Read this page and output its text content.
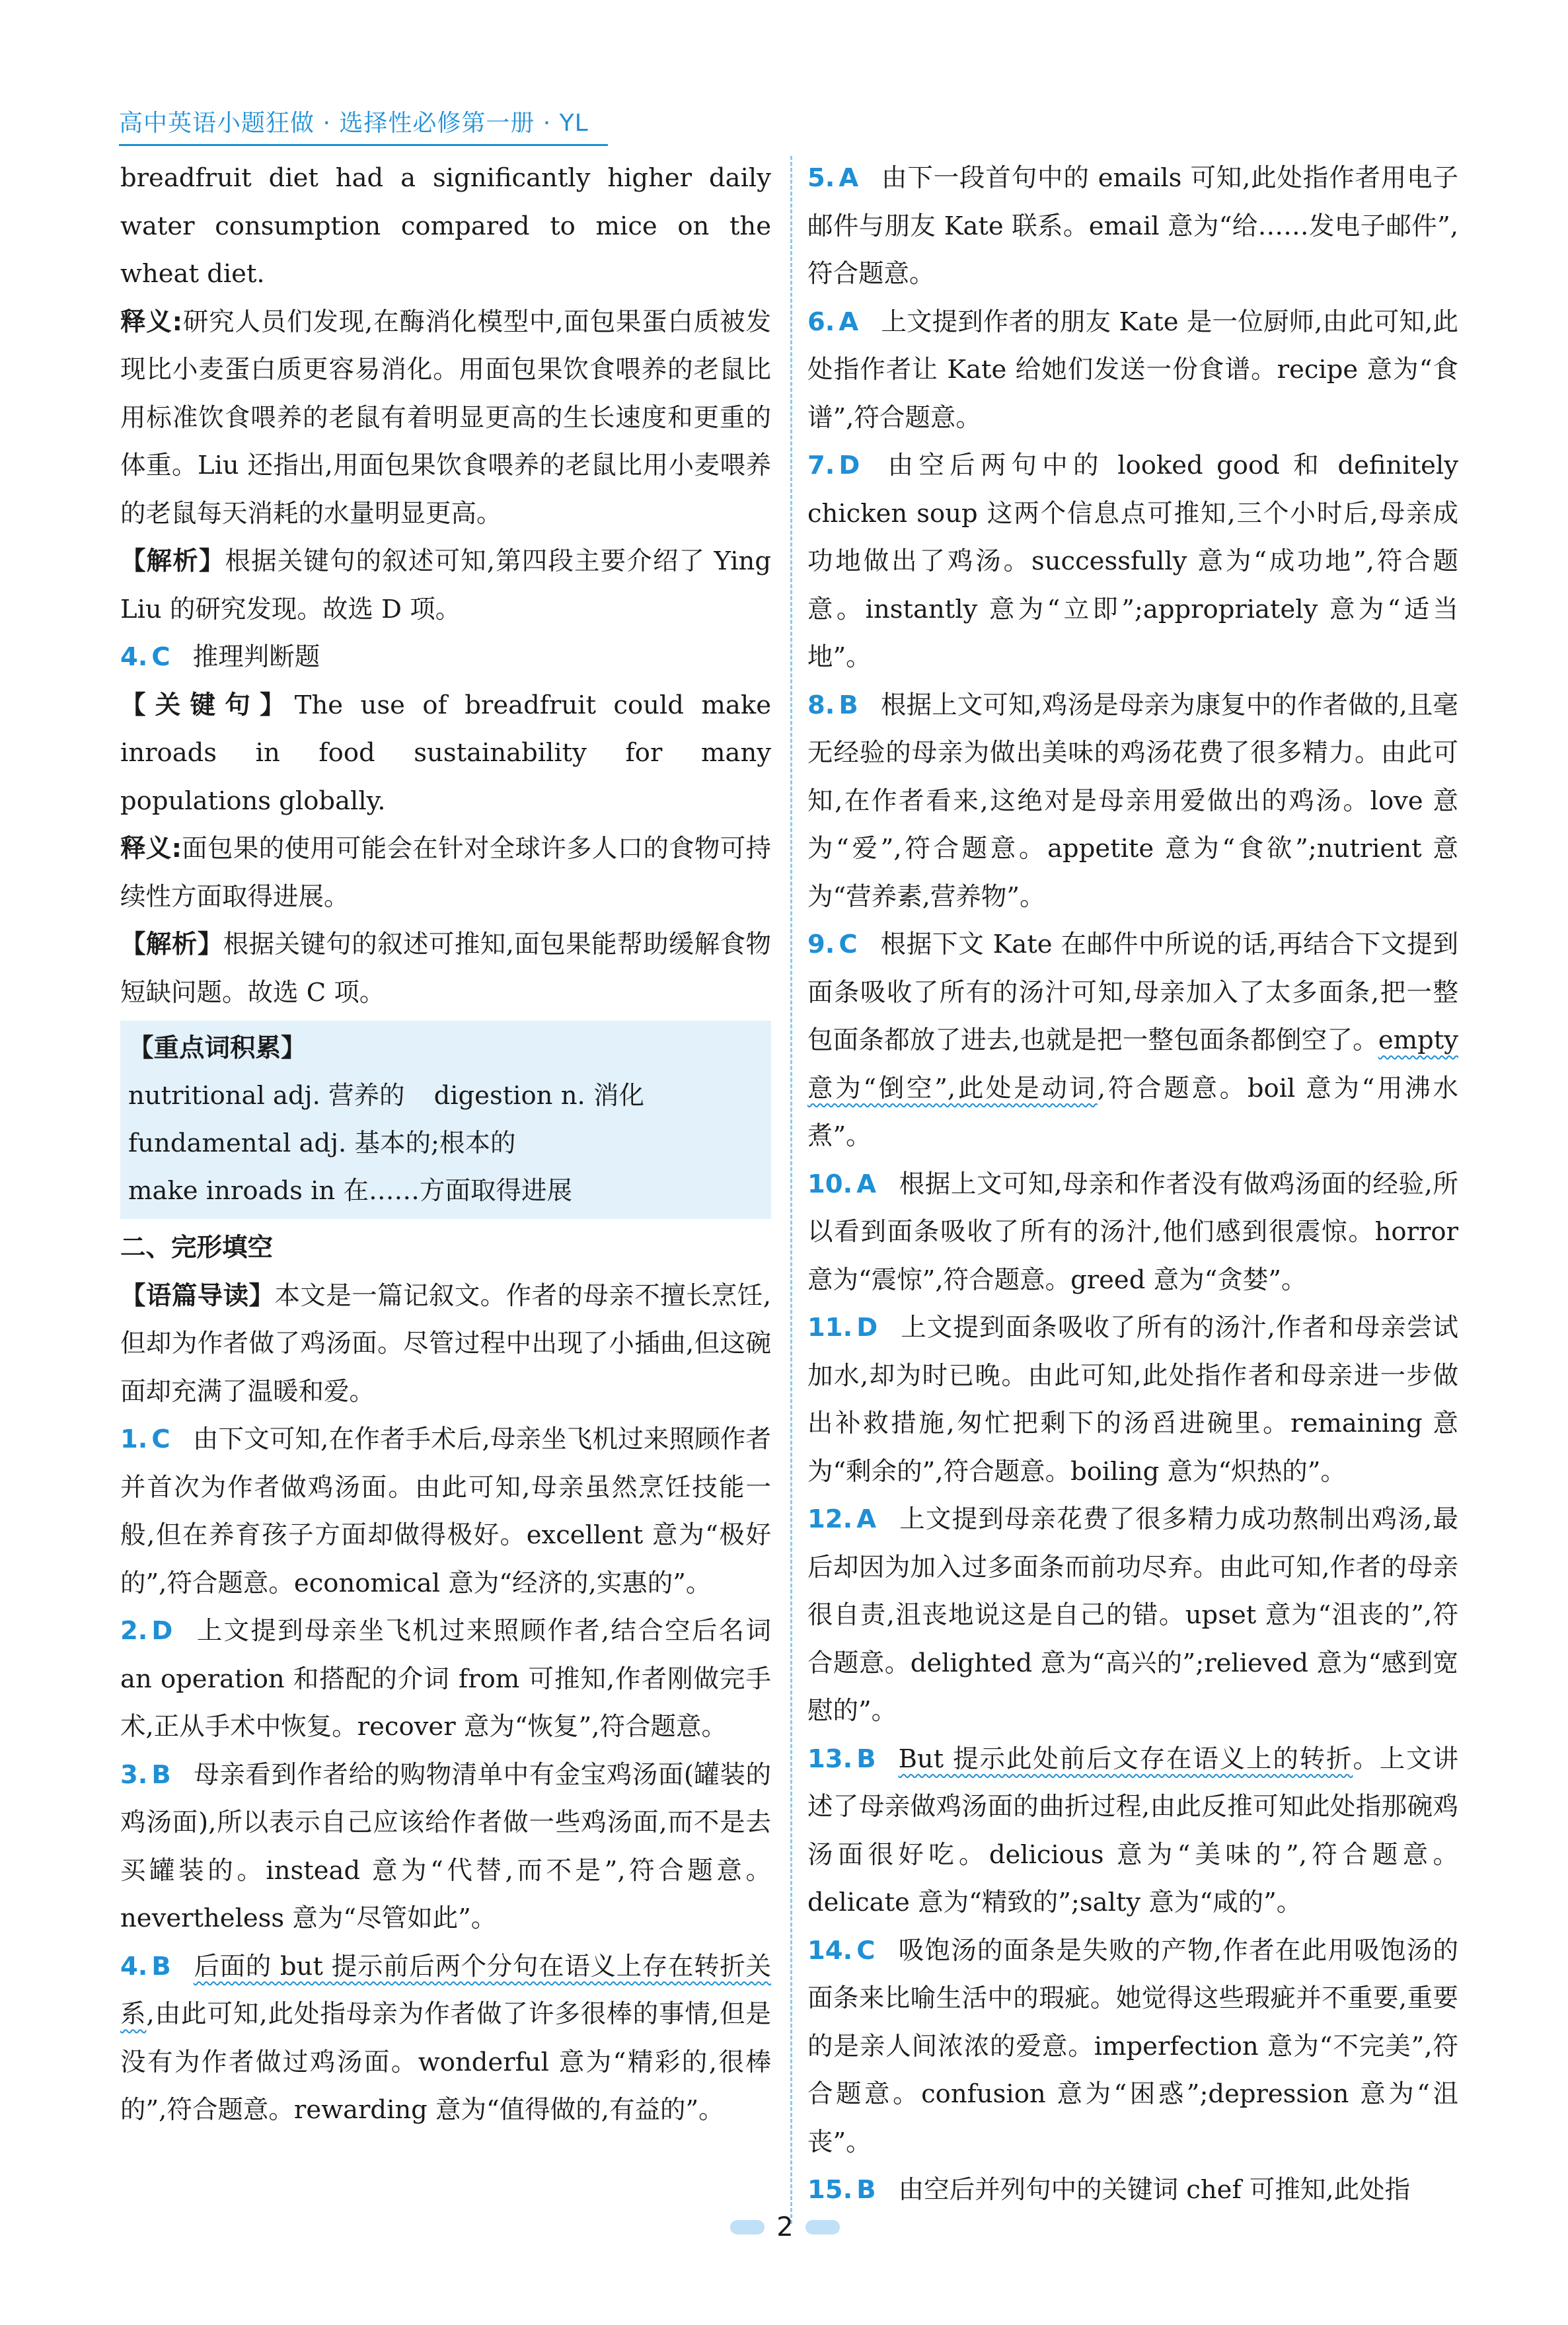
高中英语小题狂做 · 选择性必修第一册 · YL

breadfruit diet had a significantly higher daily water consumption compared to mice on the wheat diet.

释义:研究人员们发现,在酶消化模型中,面包果蛋白质被发现比小麦蛋白质更容易消化。用面包果饮食喂养的老鼠比用标准饮食喂养的老鼠有着明显更高的生长速度和更重的体重。Liu 还指出,用面包果饮食喂养的老鼠比用小麦喂养的老鼠每天消耗的水量明显更高。

【解析】根据关键句的叙述可知,第四段主要介绍了 Ying Liu 的研究发现。故选 D 项。

4. C 推理判断题

【关键句】The use of breadfruit could make inroads in food sustainability for many populations globally.

释义:面包果的使用可能会在针对全球许多人口的食物可持续性方面取得进展。

【解析】根据关键句的叙述可推知,面包果能帮助缓解食物短缺问题。故选 C 项。

【重点词积累】
nutritional adj. 营养的 digestion n. 消化
fundamental adj. 基本的;根本的
make inroads in 在……方面取得进展

二、完形填空

【语篇导读】本文是一篇记叙文。作者的母亲不擅长烹饪,但却为作者做了鸡汤面。尽管过程中出现了小插曲,但这碗面却充满了温暖和爱。

1. C 由下文可知,在作者手术后,母亲坐飞机过来照顾作者并首次为作者做鸡汤面。由此可知,母亲虽然烹饪技能一般,但在养育孩子方面却做得极好。excellent 意为“极好的”,符合题意。economical 意为“经济的,实惠的”。

2. D 上文提到母亲坐飞机过来照顾作者,结合空后名词 an operation 和搭配的介词 from 可推知,作者刚做完手术,正从手术中恢复。recover 意为“恢复”,符合题意。

3. B 母亲看到作者给的购物清单中有金宝鸡汤面(罐装的鸡汤面),所以表示自己应该给作者做一些鸡汤面,而不是去买罐装的。instead 意为“代替,而不是”,符合题意。nevertheless 意为“尽管如此”。

4. B 后面的 but 提示前后两个分句在语义上存在转折关系,由此可知,此处指母亲为作者做了许多很棒的事情,但是没有为作者做过鸡汤面。wonderful 意为“精彩的,很棒的”,符合题意。rewarding 意为“值得做的,有益的”。

5. A 由下一段首句中的 emails 可知,此处指作者用电子邮件与朋友 Kate 联系。email 意为“给……发电子邮件”,符合题意。

6. A 上文提到作者的朋友 Kate 是一位厨师,由此可知,此处指作者让 Kate 给她们发送一份食谱。recipe 意为“食谱”,符合题意。

7. D 由空后两句中的 looked good 和 definitely chicken soup 这两个信息点可推知,三个小时后,母亲成功地做出了鸡汤。successfully 意为“成功地”,符合题意。instantly 意为“立即”;appropriately 意为“适当地”。

8. B 根据上文可知,鸡汤是母亲为康复中的作者做的,且毫无经验的母亲为做出美味的鸡汤花费了很多精力。由此可知,在作者看来,这绝对是母亲用爱做出的鸡汤。love 意为“爱”,符合题意。appetite 意为“食欲”;nutrient 意为“营养素,营养物”。

9. C 根据下文 Kate 在邮件中所说的话,再结合下文提到面条吸收了所有的汤汁可知,母亲加入了太多面条,把一整包面条都放了进去,也就是把一整包面条都倒空了。empty 意为“倒空”,此处是动词,符合题意。boil 意为“用沸水煮”。

10. A 根据上文可知,母亲和作者没有做鸡汤面的经验,所以看到面条吸收了所有的汤汁,他们感到很震惊。horror 意为“震惊”,符合题意。greed 意为“贪婪”。

11. D 上文提到面条吸收了所有的汤汁,作者和母亲尝试加水,却为时已晚。由此可知,此处指作者和母亲进一步做出补救措施,匆忙把剩下的汤舀进碗里。remaining 意为“剩余的”,符合题意。boiling 意为“炽热的”。

12. A 上文提到母亲花费了很多精力成功熬制出鸡汤,最后却因为加入过多面条而前功尽弃。由此可知,作者的母亲很自责,沮丧地说这是自己的错。upset 意为“沮丧的”,符合题意。delighted 意为“高兴的”;relieved 意为“感到宽慰的”。

13. B But 提示此处前后文存在语义上的转折。上文讲述了母亲做鸡汤面的曲折过程,由此反推可知此处指那碗鸡汤面很好吃。delicious 意为“美味的”,符合题意。delicate 意为“精致的”;salty 意为“咸的”。

14. C 吸饱汤的面条是失败的产物,作者在此用吸饱汤的面条来比喻生活中的瑕疵。她觉得这些瑕疵并不重要,重要的是亲人间浓浓的爱意。imperfection 意为“不完美”,符合题意。confusion 意为“困惑”;depression 意为“沮丧”。

15. B 由空后并列句中的关键词 chef 可推知,此处指

2
